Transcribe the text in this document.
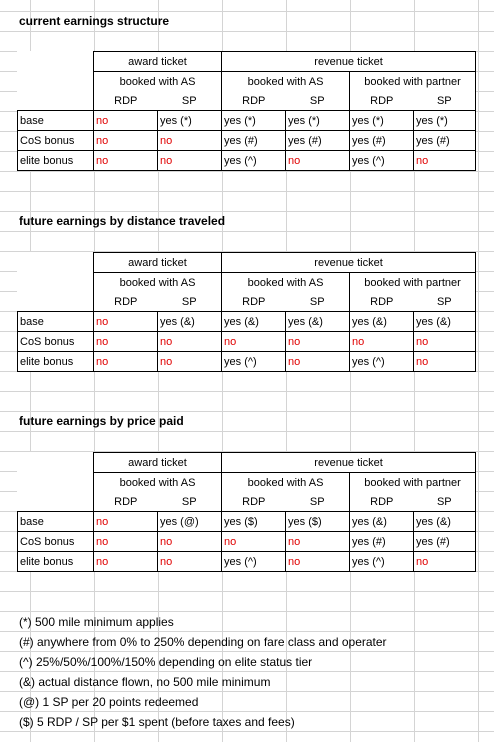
current earnings structure
	award ticket		revenue ticket			
	booked with AS		booked with AS		booked with partner	
	RDP	SP	RDP	SP	RDP	SP
base	no	yes (*)	yes (*)	yes (*)	yes (*)	yes (*)
CoS bonus	no	no	yes (#)	yes (#)	yes (#)	yes (#)
elite bonus	no	no	yes (^)	no	yes (^)	no
future earnings by distance traveled
	award ticket		revenue ticket			
	booked with AS		booked with AS		booked with partner	
	RDP	SP	RDP	SP	RDP	SP
base	no	yes (&)	yes (&)	yes (&)	yes (&)	yes (&)
CoS bonus	no	no	no	no	no	no
elite bonus	no	no	yes (^)	no	yes (^)	no
future earnings by price paid
	award ticket		revenue ticket			
	booked with AS		booked with AS		booked with partner	
	RDP	SP	RDP	SP	RDP	SP
base	no	yes (@)	yes ($)	yes ($)	yes (&)	yes (&)
CoS bonus	no	no	no	no	yes (#)	yes (#)
elite bonus	no	no	yes (^)	no	yes (^)	no
(*) 500 mile minimum applies
(#) anywhere from 0% to 250% depending on fare class and operater
(^) 25%/50%/100%/150% depending on elite status tier
(&) actual distance flown, no 500 mile minimum
(@) 1 SP per 20 points redeemed
($) 5 RDP / SP per $1 spent (before taxes and fees)
